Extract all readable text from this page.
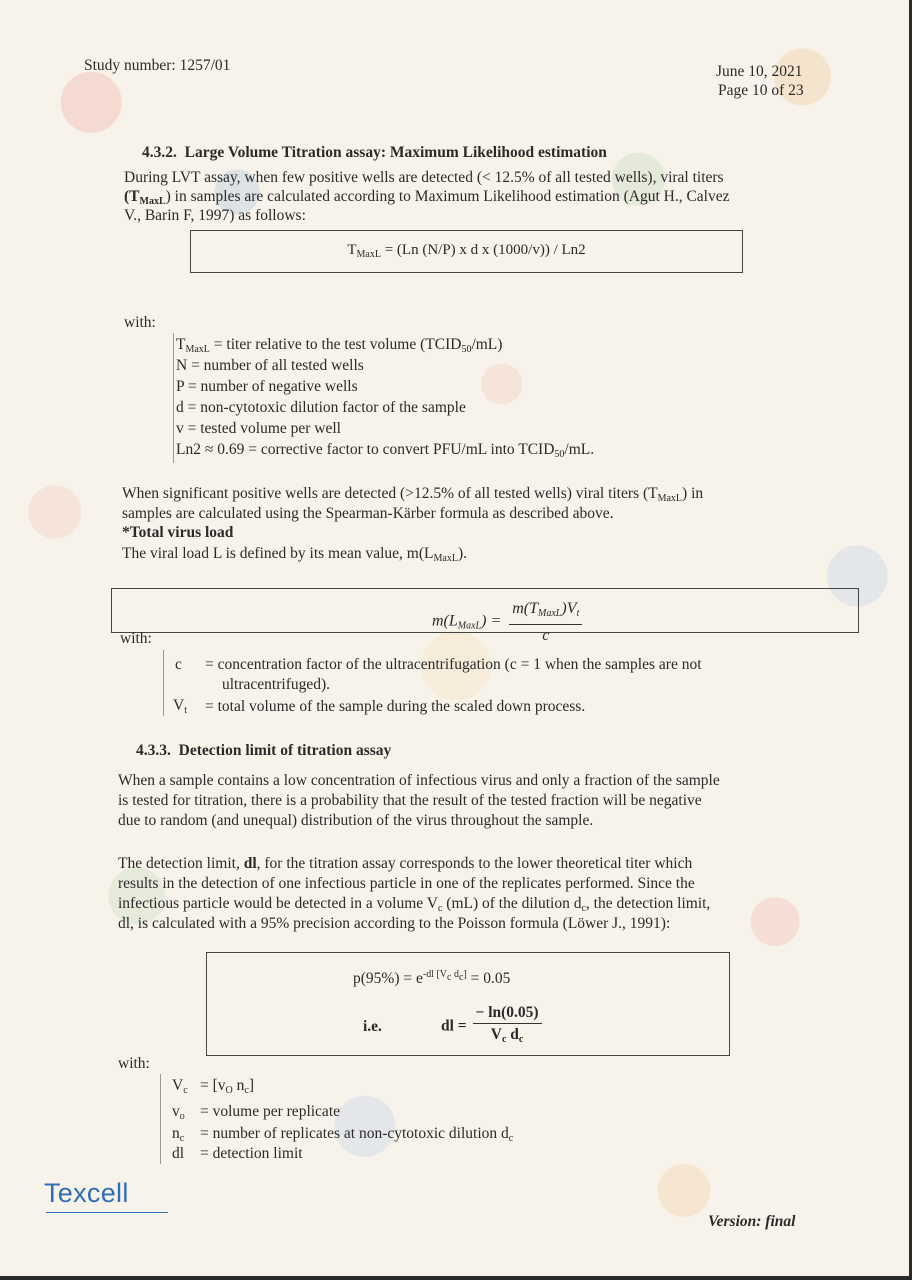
Study number: 1257/01	June 10, 2021
Page 10 of 23
4.3.2. Large Volume Titration assay: Maximum Likelihood estimation
During LVT assay, when few positive wells are detected (< 12.5% of all tested wells), viral titers
$(T_{MaxL})$ in samples are calculated according to Maximum Likelihood estimation (Agut H., Calvez
V., Barin F, 1997) as follows:
$T_{MaxL} = (Ln$ (N/P) x d x (1000/v)) / Ln2
with:
$T_{MaxL}$ = titer relative to the test volume $(TCID_{50}/mL)$
N = number of all tested wells
P = number of negative wells
d = non-cytotoxic dilution factor of the sample
v = tested volume per well
Ln2 ≈ 0.69 = corrective factor to convert PFU/mL into $TCID_{50}/mL$.
When significant positive wells are detected (>12.5% of all tested wells) viral titers $(T_{MaxL})$ in
samples are calculated using the Spearman-Kärber formula as described above.
*Total virus load
The viral load L is defined by its mean value, $m(L_{MaxL})$.
$m(L_{MaxL}) = \frac{m(T_{MaxL})V_t}{c}$
with:
c = concentration factor of the ultracentrifugation (c = 1 when the samples are not
ultracentrifuged).
$V_t$ = total volume of the sample during the scaled down process.
4.3.3. Detection limit of titration assay
When a sample contains a low concentration of infectious virus and only a fraction of the sample
is tested for titration, there is a probability that the result of the tested fraction will be negative
due to random (and unequal) distribution of the virus throughout the sample.
The detection limit, dl, for the titration assay corresponds to the lower theoretical titer which
results in the detection of one infectious particle in one of the replicates performed. Since the
infectious particle would be detected in a volume $V_c$ (mL) of the dilution $d_c$, the detection limit,
dl, is calculated with a 95% precision according to the Poisson formula (Löwer J., 1991):
$p(95\%) = e^{-dl [V_c d_c]} = 0.05$
i.e.	dl = $\frac{- \ln(0.05)}{V_c d_c}$
with:
$V_c = [v_O$ $n_c$]
$v_o$ = volume per replicate
$n_c$ = number of replicates at non-cytotoxic dilution $d_c$
dl = detection limit
Texcell
Version: final
